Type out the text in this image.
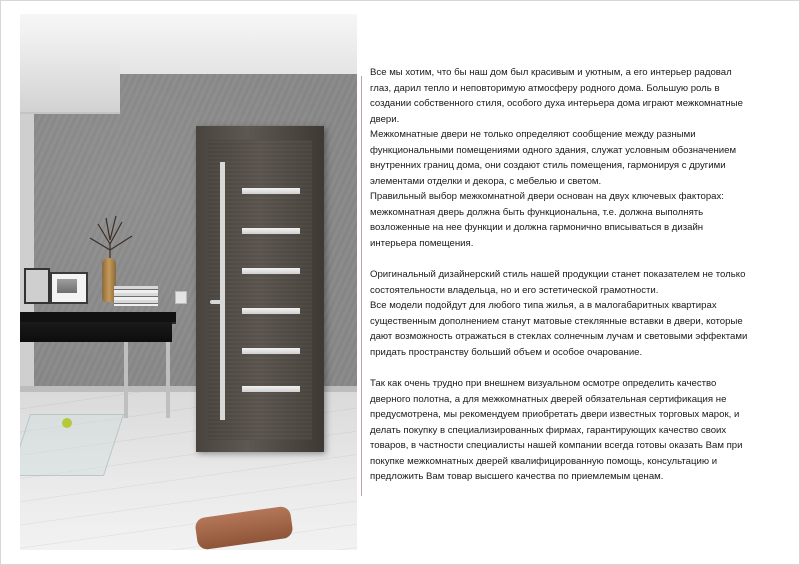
Все мы хотим, что бы наш дом был красивым и уютным, а его интерьер радовал глаз, дарил тепло и неповторимую атмосферу родного дома. Большую роль в создании собственного стиля, особого духа интерьера дома играют межкомнатные двери.

Межкомнатные двери не только определяют сообщение между разными функциональными помещениями одного здания, служат условным обозначением внутренних границ дома, они создают стиль помещения, гармонируя с другими элементами отделки и декора, с мебелью и светом.

Правильный выбор межкомнатной двери основан на двух ключевых факторах: межкомнатная дверь должна быть функциональна, т.е. должна выполнять возложенные на нее функции и должна гармонично вписываться в дизайн интерьера помещения.

Оригинальный дизайнерский стиль нашей продукции станет показателем не только состоятельности владельца, но и его эстетической грамотности.

Все модели подойдут для любого типа жилья, а в малогабаритных квартирах существенным дополнением станут матовые стеклянные вставки в двери, которые дают возможность отражаться в стеклах солнечным лучам и световыми эффектами придать пространству больший объем и особое очарование.

Так как очень трудно при внешнем визуальном осмотре определить качество дверного полотна, а для межкомнатных дверей обязательная сертификация не предусмотрена, мы рекомендуем приобретать двери известных торговых марок, и делать покупку в специализированных фирмах, гарантирующих качество своих товаров, в частности специалисты нашей компании всегда готовы оказать Вам при покупке межкомнатных дверей квалифицированную помощь, консультацию и предложить Вам товар высшего качества по приемлемым ценам.
